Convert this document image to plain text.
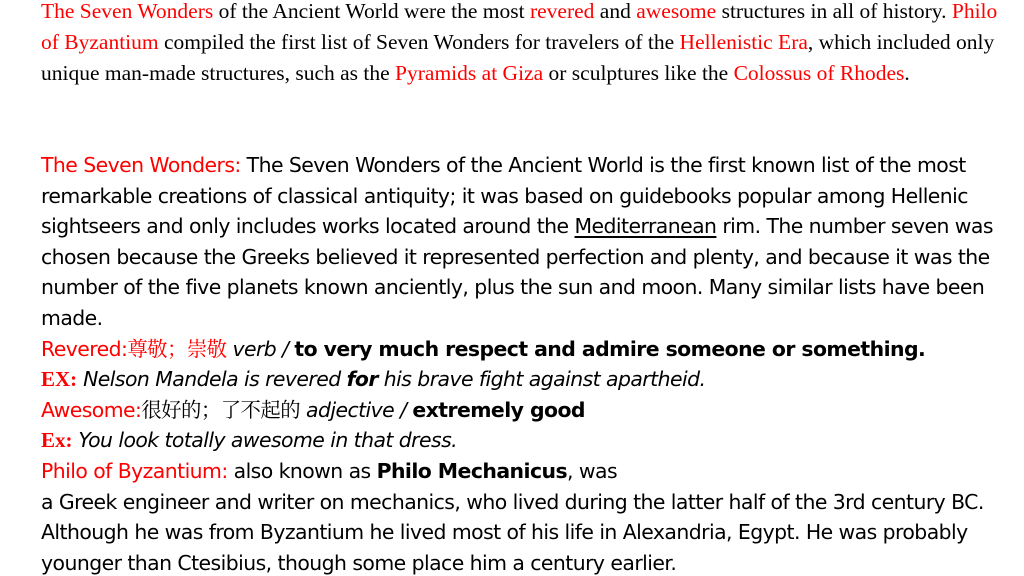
The Seven Wonders of the Ancient World were the most revered and awesome structures in all of history. Philo of Byzantium compiled the first list of Seven Wonders for travelers of the Hellenistic Era, which included only unique man-made structures, such as the Pyramids at Giza or sculptures like the Colossus of Rhodes.

The Seven Wonders: The Seven Wonders of the Ancient World is the first known list of the most remarkable creations of classical antiquity; it was based on guidebooks popular among Hellenic sightseers and only includes works located around the Mediterranean rim. The number seven was chosen because the Greeks believed it represented perfection and plenty, and because it was the number of the five planets known anciently, plus the sun and moon. Many similar lists have been made.
Revered:尊敬；崇敬 verb / to very much respect and admire someone or something.
EX: Nelson Mandela is revered for his brave fight against apartheid.
Awesome:很好的；了不起的 adjective / extremely good
Ex: You look totally awesome in that dress.
Philo of Byzantium: also known as Philo Mechanicus, was
a Greek engineer and writer on mechanics, who lived during the latter half of the 3rd century BC. Although he was from Byzantium he lived most of his life in Alexandria, Egypt. He was probably younger than Ctesibius, though some place him a century earlier.
